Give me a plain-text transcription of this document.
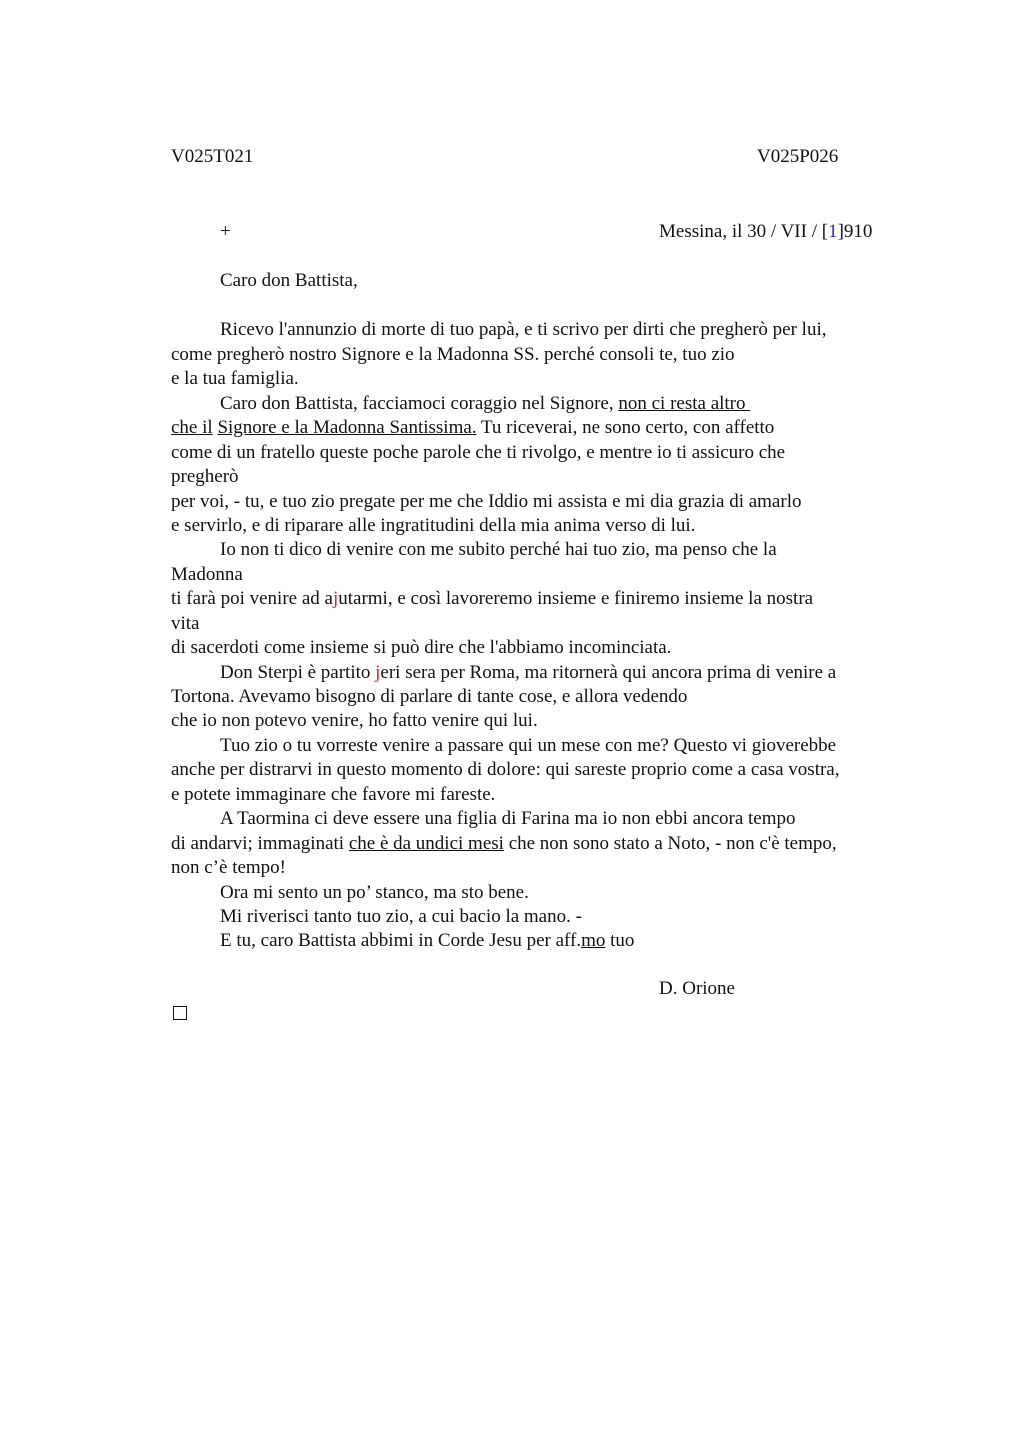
V025T021	V025P026
+	Messina, il 30 / VII / [1]910
Caro don Battista,
Ricevo l'annunzio di morte di tuo papà, e ti scrivo per dirti che pregherò per lui,
come pregherò nostro Signore e la Madonna SS. perché consoli te, tuo zio
e la tua famiglia.
Caro don Battista, facciamoci coraggio nel Signore, non ci resta altro
che il Signore e la Madonna Santissima. Tu riceverai, ne sono certo, con affetto
come di un fratello queste poche parole che ti rivolgo, e mentre io ti assicuro che
pregherò
per voi, - tu, e tuo zio pregate per me che Iddio mi assista e mi dia grazia di amarlo
e servirlo, e di riparare alle ingratitudini della mia anima verso di lui.
Io non ti dico di venire con me subito perché hai tuo zio, ma penso che la
Madonna
ti farà poi venire ad ajutarmi, e così lavoreremo insieme e finiremo insieme la nostra
vita
di sacerdoti come insieme si può dire che l'abbiamo incominciata.
Don Sterpi è partito jeri sera per Roma, ma ritornerà qui ancora prima di venire a
Tortona. Avevamo bisogno di parlare di tante cose, e allora vedendo
che io non potevo venire, ho fatto venire qui lui.
Tuo zio o tu vorreste venire a passare qui un mese con me? Questo vi gioverebbe
anche per distrarvi in questo momento di dolore: qui sareste proprio come a casa vostra,
e potete immaginare che favore mi fareste.
A Taormina ci deve essere una figlia di Farina ma io non ebbi ancora tempo
di andarvi; immaginati che è da undici mesi che non sono stato a Noto, - non c'è tempo,
non c’è tempo!
Ora mi sento un po’ stanco, ma sto bene.
Mi riverisci tanto tuo zio, a cui bacio la mano. -
E tu, caro Battista abbimi in Corde Jesu per aff.mo tuo
D. Orione
